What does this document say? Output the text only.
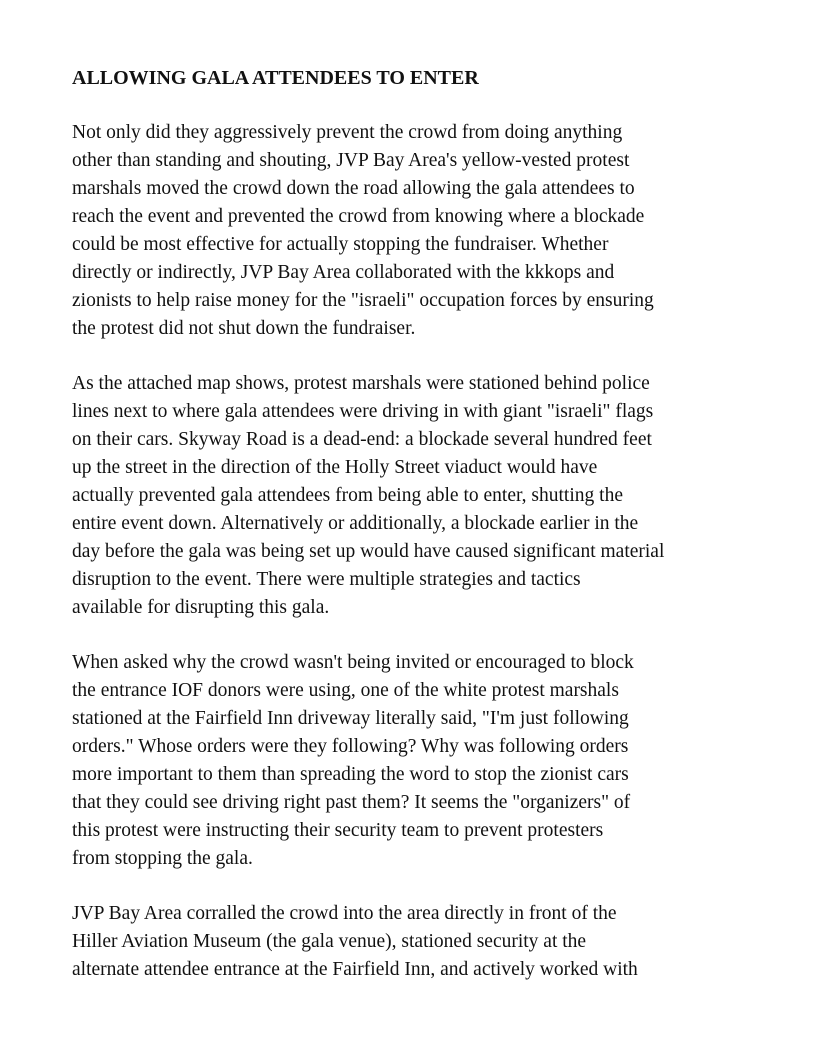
ALLOWING GALA ATTENDEES TO ENTER
Not only did they aggressively prevent the crowd from doing anything
other than standing and shouting, JVP Bay Area's yellow-vested protest
marshals moved the crowd down the road allowing the gala attendees to
reach the event and prevented the crowd from knowing where a blockade
could be most effective for actually stopping the fundraiser. Whether
directly or indirectly, JVP Bay Area collaborated with the kkkops and
zionists to help raise money for the "israeli" occupation forces by ensuring
the protest did not shut down the fundraiser.
As the attached map shows, protest marshals were stationed behind police
lines next to where gala attendees were driving in with giant "israeli" flags
on their cars. Skyway Road is a dead-end: a blockade several hundred feet
up the street in the direction of the Holly Street viaduct would have
actually prevented gala attendees from being able to enter, shutting the
entire event down. Alternatively or additionally, a blockade earlier in the
day before the gala was being set up would have caused significant material
disruption to the event. There were multiple strategies and tactics
available for disrupting this gala.
When asked why the crowd wasn't being invited or encouraged to block
the entrance IOF donors were using, one of the white protest marshals
stationed at the Fairfield Inn driveway literally said, "I'm just following
orders." Whose orders were they following? Why was following orders
more important to them than spreading the word to stop the zionist cars
that they could see driving right past them? It seems the "organizers" of
this protest were instructing their security team to prevent protesters
from stopping the gala.
JVP Bay Area corralled the crowd into the area directly in front of the
Hiller Aviation Museum (the gala venue), stationed security at the
alternate attendee entrance at the Fairfield Inn, and actively worked with
